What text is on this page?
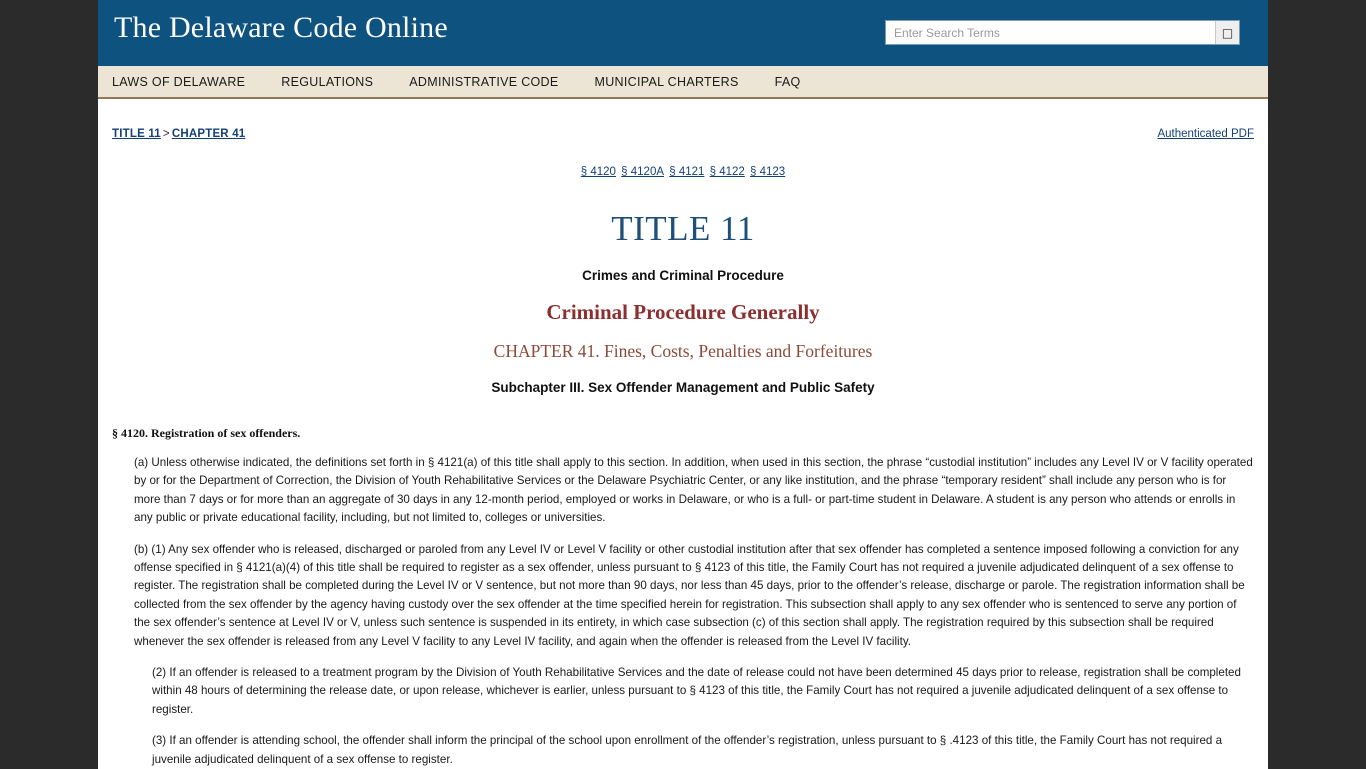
The Delaware Code Online
Enter Search Terms	□
LAWS OF DELAWARE	REGULATIONS	ADMINISTRATIVE CODE	MUNICIPAL CHARTERS	FAQ
TITLE 11 > CHAPTER 41	Authenticated PDF
§ 4120 § 4120A § 4121 § 4122 § 4123
TITLE 11
Crimes and Criminal Procedure
Criminal Procedure Generally
CHAPTER 41. Fines, Costs, Penalties and Forfeitures
Subchapter III. Sex Offender Management and Public Safety
§ 4120. Registration of sex offenders.
(a) Unless otherwise indicated, the definitions set forth in § 4121(a) of this title shall apply to this section. In addition, when used in this section, the phrase “custodial institution” includes any Level IV or V facility operated by or for the Department of Correction, the Division of Youth Rehabilitative Services or the Delaware Psychiatric Center, or any like institution, and the phrase “temporary resident” shall include any person who is for more than 7 days or for more than an aggregate of 30 days in any 12-month period, employed or works in Delaware, or who is a full- or part-time student in Delaware. A student is any person who attends or enrolls in any public or private educational facility, including, but not limited to, colleges or universities.
(b) (1) Any sex offender who is released, discharged or paroled from any Level IV or Level V facility or other custodial institution after that sex offender has completed a sentence imposed following a conviction for any offense specified in § 4121(a)(4) of this title shall be required to register as a sex offender, unless pursuant to § 4123 of this title, the Family Court has not required a juvenile adjudicated delinquent of a sex offense to register. The registration shall be completed during the Level IV or V sentence, but not more than 90 days, nor less than 45 days, prior to the offender’s release, discharge or parole. The registration information shall be collected from the sex offender by the agency having custody over the sex offender at the time specified herein for registration. This subsection shall apply to any sex offender who is sentenced to serve any portion of the sex offender’s sentence at Level IV or V, unless such sentence is suspended in its entirety, in which case subsection (c) of this section shall apply. The registration required by this subsection shall be required whenever the sex offender is released from any Level V facility to any Level IV facility, and again when the offender is released from the Level IV facility.
(2) If an offender is released to a treatment program by the Division of Youth Rehabilitative Services and the date of release could not have been determined 45 days prior to release, registration shall be completed within 48 hours of determining the release date, or upon release, whichever is earlier, unless pursuant to § 4123 of this title, the Family Court has not required a juvenile adjudicated delinquent of a sex offense to register.
(3) If an offender is attending school, the offender shall inform the principal of the school upon enrollment of the offender’s registration, unless pursuant to § .4123 of this title, the Family Court has not required a juvenile adjudicated delinquent of a sex offense to register.
